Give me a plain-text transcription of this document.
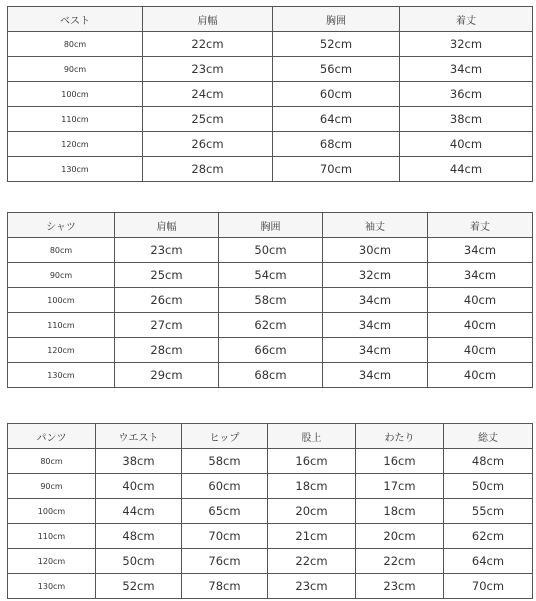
ベスト	肩幅	胸囲	着丈
80cm	22cm	52cm	32cm
90cm	23cm	56cm	34cm
100cm	24cm	60cm	36cm
110cm	25cm	64cm	38cm
120cm	26cm	68cm	40cm
130cm	28cm	70cm	44cm
シャツ	肩幅	胸囲	袖丈	着丈
80cm	23cm	50cm	30cm	34cm
90cm	25cm	54cm	32cm	34cm
100cm	26cm	58cm	34cm	40cm
110cm	27cm	62cm	34cm	40cm
120cm	28cm	66cm	34cm	40cm
130cm	29cm	68cm	34cm	40cm
パンツ	ウエスト	ヒップ	股上	わたり	総丈
80cm	38cm	58cm	16cm	16cm	48cm
90cm	40cm	60cm	18cm	17cm	50cm
100cm	44cm	65cm	20cm	18cm	55cm
110cm	48cm	70cm	21cm	20cm	62cm
120cm	50cm	76cm	22cm	22cm	64cm
130cm	52cm	78cm	23cm	23cm	70cm
